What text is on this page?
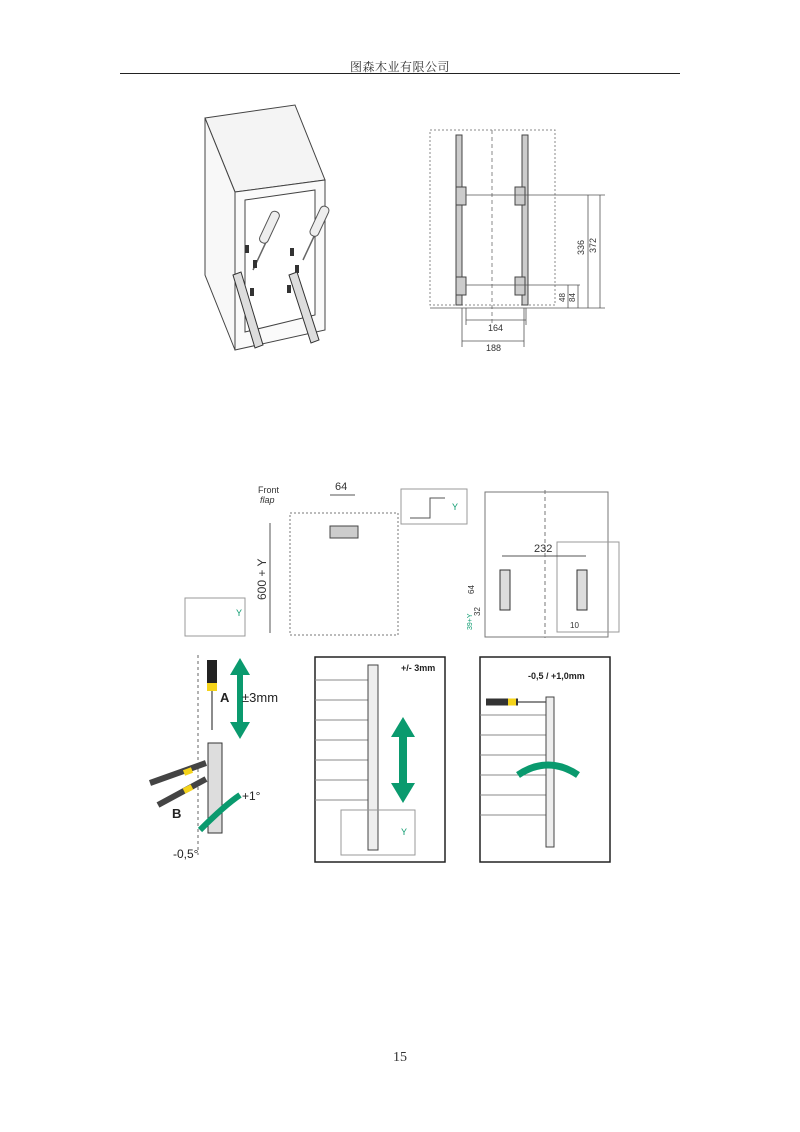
图森木业有限公司
336 372
48 84
164
188
Front
flap
64
600 + Y
Y
Y
232
64
32
39+Y	10
A ±3mm
B
+1°
-0,5°
+/- 3mm
Y
-0,5 / +1,0mm
15
